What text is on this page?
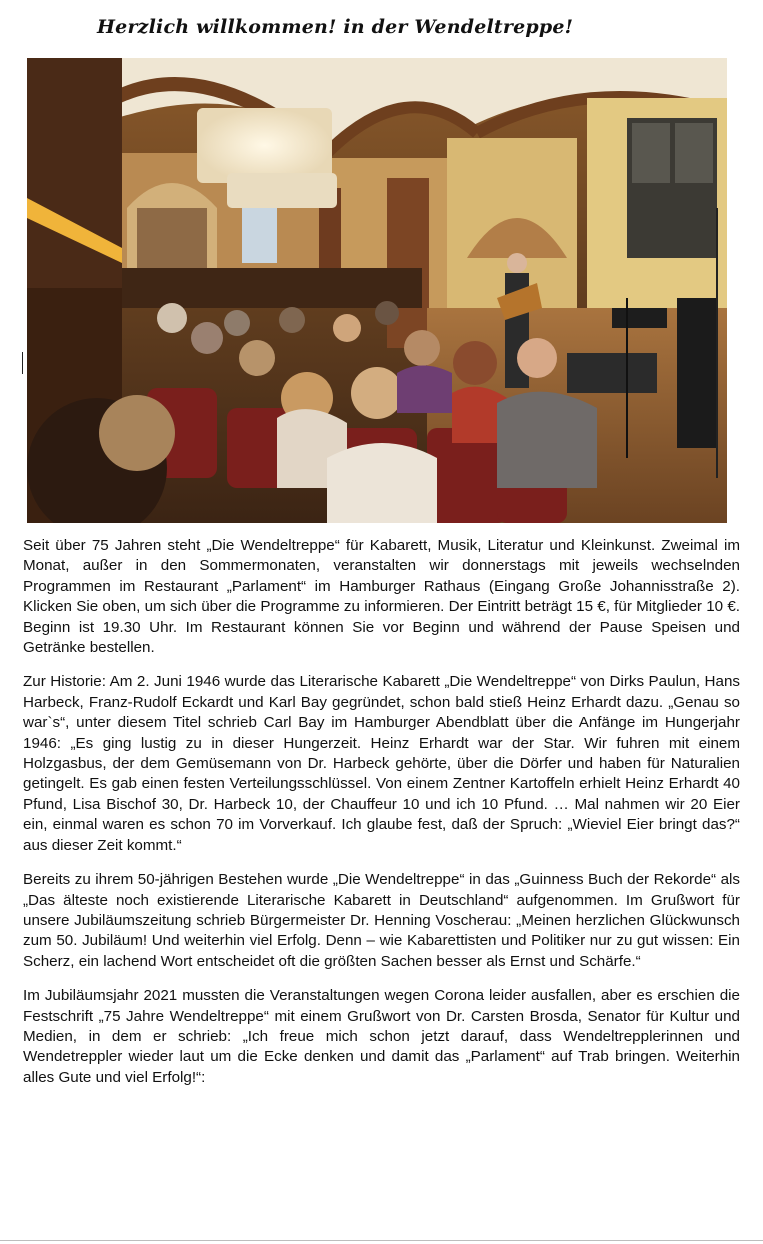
Herzlich willkommen! in der Wendeltreppe!

Seit über 75 Jahren steht „Die Wendeltreppe“ für Kabarett, Musik, Literatur und Kleinkunst. Zweimal im Monat, außer in den Sommermonaten, veranstalten wir donnerstags mit jeweils wechselnden Programmen im Restaurant „Parlament“ im Hamburger Rathaus (Eingang Große Johannisstraße 2). Klicken Sie oben, um sich über die Programme zu informieren. Der Eintritt beträgt 15 €, für Mitglieder 10 €. Beginn ist 19.30 Uhr. Im Restaurant können Sie vor Beginn und während der Pause Speisen und Getränke bestellen.

Zur Historie: Am 2. Juni 1946 wurde das Literarische Kabarett „Die Wendeltreppe“ von Dirks Paulun, Hans Harbeck, Franz-Rudolf Eckardt und Karl Bay gegründet, schon bald stieß Heinz Erhardt dazu. „Genau so war`s“, unter diesem Titel schrieb Carl Bay im Hamburger Abendblatt über die Anfänge im Hungerjahr 1946: „Es ging lustig zu in dieser Hungerzeit. Heinz Erhardt war der Star. Wir fuhren mit einem Holzgasbus, der dem Gemüsemann von Dr. Harbeck gehörte, über die Dörfer und haben für Naturalien getingelt. Es gab einen festen Verteilungsschlüssel. Von einem Zentner Kartoffeln erhielt Heinz Erhardt 40 Pfund, Lisa Bischof 30, Dr. Harbeck 10, der Chauffeur 10 und ich 10 Pfund. … Mal nahmen wir 20 Eier ein, einmal waren es schon 70 im Vorverkauf. Ich glaube fest, daß der Spruch: „Wieviel Eier bringt das?“ aus dieser Zeit kommt.“

Bereits zu ihrem 50-jährigen Bestehen wurde „Die Wendeltreppe“ in das „Guinness Buch der Rekorde“ als „Das älteste noch existierende Literarische Kabarett in Deutschland“ aufgenommen. Im Grußwort für unsere Jubiläumszeitung schrieb Bürgermeister Dr. Henning Voscherau: „Meinen herzlichen Glückwunsch zum 50. Jubiläum! Und weiterhin viel Erfolg. Denn – wie Kabarettisten und Politiker nur zu gut wissen: Ein Scherz, ein lachend Wort entscheidet oft die größten Sachen besser als Ernst und Schärfe.“

Im Jubiläumsjahr 2021 mussten die Veranstaltungen wegen Corona leider ausfallen, aber es erschien die Festschrift „75 Jahre Wendeltreppe“ mit einem Grußwort von Dr. Carsten Brosda, Senator für Kultur und Medien, in dem er schrieb: „Ich freue mich schon jetzt darauf, dass Wendeltrepplerinnen und Wendetreppler wieder laut um die Ecke denken und damit das „Parlament“ auf Trab bringen. Weiterhin alles Gute und viel Erfolg!“:
